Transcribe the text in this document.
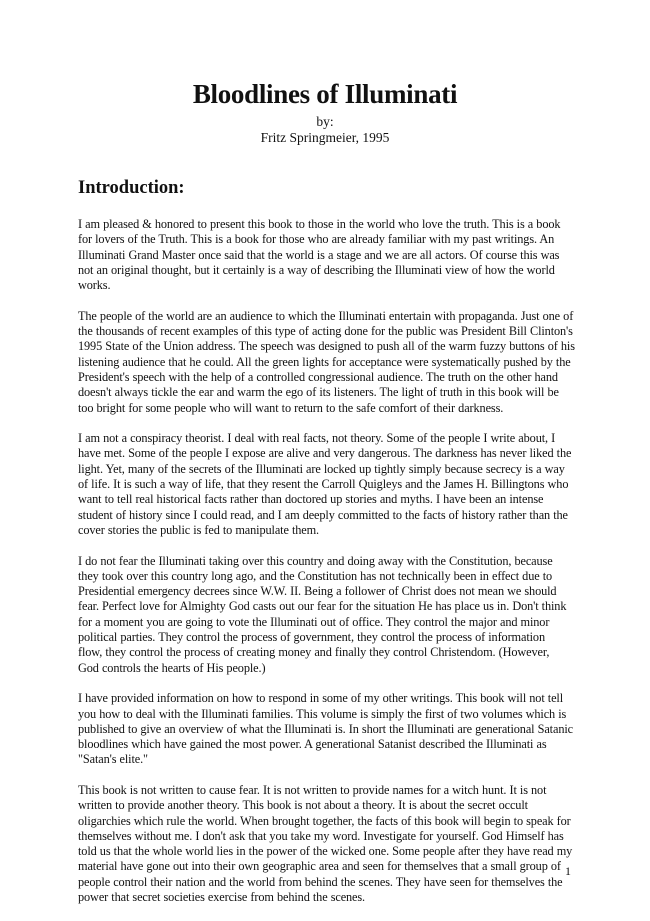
Bloodlines of Illuminati
by:
Fritz Springmeier, 1995
Introduction:

I am pleased & honored to present this book to those in the world who love the truth. This is a book
for lovers of the Truth. This is a book for those who are already familiar with my past writings. An
Illuminati Grand Master once said that the world is a stage and we are all actors. Of course this was
not an original thought, but it certainly is a way of describing the Illuminati view of how the world
works.

The people of the world are an audience to which the Illuminati entertain with propaganda. Just one of
the thousands of recent examples of this type of acting done for the public was President Bill Clinton's
1995 State of the Union address. The speech was designed to push all of the warm fuzzy buttons of his
listening audience that he could. All the green lights for acceptance were systematically pushed by the
President's speech with the help of a controlled congressional audience. The truth on the other hand
doesn't always tickle the ear and warm the ego of its listeners. The light of truth in this book will be
too bright for some people who will want to return to the safe comfort of their darkness.

I am not a conspiracy theorist. I deal with real facts, not theory. Some of the people I write about, I
have met. Some of the people I expose are alive and very dangerous. The darkness has never liked the
light. Yet, many of the secrets of the Illuminati are locked up tightly simply because secrecy is a way
of life. It is such a way of life, that they resent the Carroll Quigleys and the James H. Billingtons who
want to tell real historical facts rather than doctored up stories and myths. I have been an intense
student of history since I could read, and I am deeply committed to the facts of history rather than the
cover stories the public is fed to manipulate them.

I do not fear the Illuminati taking over this country and doing away with the Constitution, because
they took over this country long ago, and the Constitution has not technically been in effect due to
Presidential emergency decrees since W.W. II. Being a follower of Christ does not mean we should
fear. Perfect love for Almighty God casts out our fear for the situation He has place us in. Don't think
for a moment you are going to vote the Illuminati out of office. They control the major and minor
political parties. They control the process of government, they control the process of information
flow, they control the process of creating money and finally they control Christendom. (However,
God controls the hearts of His people.)

I have provided information on how to respond in some of my other writings. This book will not tell
you how to deal with the Illuminati families. This volume is simply the first of two volumes which is
published to give an overview of what the Illuminati is. In short the Illuminati are generational Satanic
bloodlines which have gained the most power. A generational Satanist described the Illuminati as
"Satan's elite."

This book is not written to cause fear. It is not written to provide names for a witch hunt. It is not
written to provide another theory. This book is not about a theory. It is about the secret occult
oligarchies which rule the world. When brought together, the facts of this book will begin to speak for
themselves without me. I don't ask that you take my word. Investigate for yourself. God Himself has
told us that the whole world lies in the power of the wicked one. Some people after they have read my
material have gone out into their own geographic area and seen for themselves that a small group of
people control their nation and the world from behind the scenes. They have seen for themselves the
power that secret societies exercise from behind the scenes.

1
